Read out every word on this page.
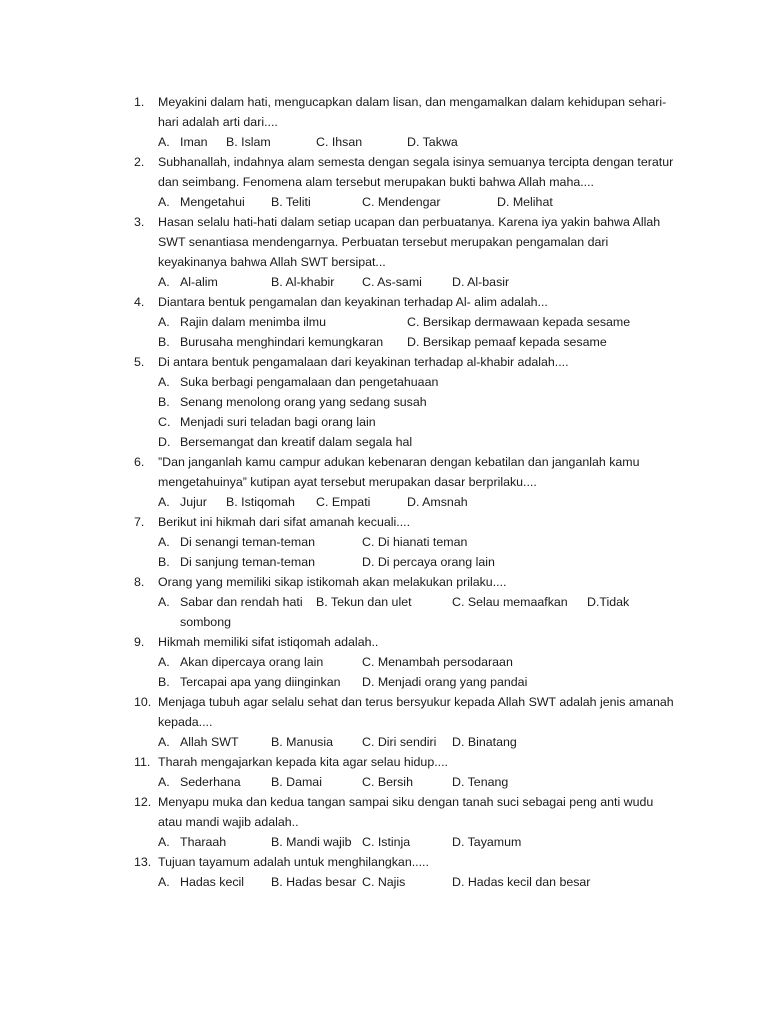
1.	Meyakini dalam hati, mengucapkan dalam lisan, dan mengamalkan dalam kehidupan sehari-hari adalah arti dari....
A. Iman B. Islam	C. Ihsan	D. Takwa
2.	Subhanallah, indahnya alam semesta dengan segala isinya semuanya tercipta dengan teratur dan seimbang. Fenomena alam tersebut merupakan bukti bahwa Allah maha....
A. Mengetahui B. Teliti	C. Mendengar	D. Melihat
3.	Hasan selalu hati-hati dalam setiap ucapan dan perbuatanya. Karena iya yakin bahwa Allah SWT senantiasa mendengarnya. Perbuatan tersebut merupakan pengamalan dari keyakinanya bahwa Allah SWT bersipat...
A. Al-alim	B. Al-khabir C. As-sami D. Al-basir
4.	Diantara bentuk pengamalan dan keyakinan terhadap Al- alim adalah...
A. Rajin dalam menimba ilmu	C. Bersikap dermawaan kepada sesame
B. Burusaha menghindari kemungkaran D. Bersikap pemaaf kepada sesame
5.	Di antara bentuk pengamalaan dari keyakinan terhadap al-khabir adalah....
A. Suka berbagi pengamalaan dan pengetahuaan
B. Senang menolong orang yang sedang susah
C. Menjadi suri teladan bagi orang lain
D. Bersemangat dan kreatif dalam segala hal
6.	”Dan janganlah kamu campur adukan kebenaran dengan kebatilan dan janganlah kamu mengetahuinya” kutipan ayat tersebut merupakan dasar berprilaku....
A. Jujur B. Istiqomah C. Empati	D. Amsnah
7.	Berikut ini hikmah dari sifat amanah kecuali....
A. Di senangi teman-teman	C. Di hianati teman
B. Di sanjung teman-teman	D. Di percaya orang lain
8.	Orang yang memiliki sikap istikomah akan melakukan prilaku....
A. Sabar dan rendah hati B. Tekun dan ulet	C. Selau memaafkan D.Tidak
sombong
9.	Hikmah memiliki sifat istiqomah adalah..
A. Akan dipercaya orang lain	C. Menambah persodaraan
B. Tercapai apa yang diinginkan D. Menjadi orang yang pandai
10. Menjaga tubuh agar selalu sehat dan terus bersyukur kepada Allah SWT adalah jenis amanah kepada....
A. Allah SWT	B. Manusia C. Diri sendiri D. Binatang
11. Tharah mengajarkan kepada kita agar selau hidup....
A. Sederhana B. Damai	C. Bersih	D. Tenang
12. Menyapu muka dan kedua tangan sampai siku dengan tanah suci sebagai peng anti wudu atau mandi wajib adalah..
A. Tharaah	B. Mandi wajib C. Istinja	D. Tayamum
13. Tujuan tayamum adalah untuk menghilangkan.....
A. Hadas kecil B. Hadas besar C. Najis	D. Hadas kecil dan besar
